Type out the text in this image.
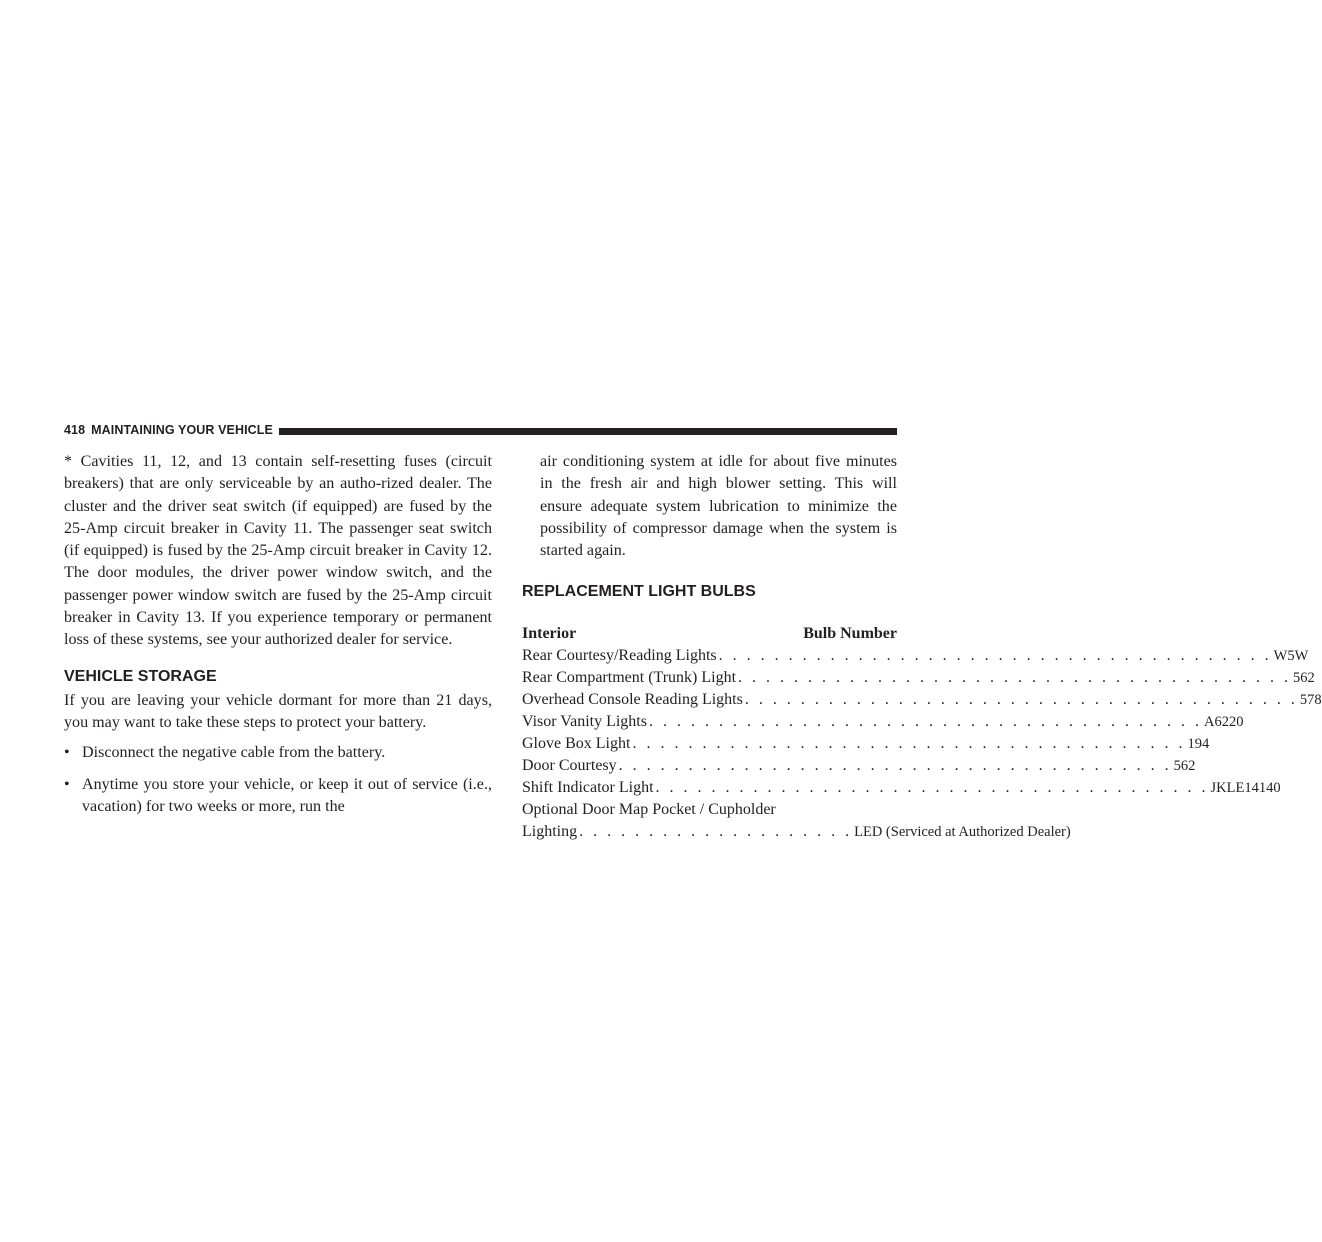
418 MAINTAINING YOUR VEHICLE

* Cavities 11, 12, and 13 contain self-resetting fuses (circuit breakers) that are only serviceable by an autho-rized dealer. The cluster and the driver seat switch (if equipped) are fused by the 25-Amp circuit breaker in Cavity 11. The passenger seat switch (if equipped) is fused by the 25-Amp circuit breaker in Cavity 12. The door modules, the driver power window switch, and the passenger power window switch are fused by the 25-Amp circuit breaker in Cavity 13. If you experience temporary or permanent loss of these systems, see your authorized dealer for service.

VEHICLE STORAGE

If you are leaving your vehicle dormant for more than 21 days, you may want to take these steps to protect your battery.

• Disconnect the negative cable from the battery.

• Anytime you store your vehicle, or keep it out of service (i.e., vacation) for two weeks or more, run the

air conditioning system at idle for about five minutes in the fresh air and high blower setting. This will ensure adequate system lubrication to minimize the possibility of compressor damage when the system is started again.

REPLACEMENT LIGHT BULBS
Interior	Bulb Number
Rear Courtesy/Reading Lights . . . . . . . . . . . . . . . . . . . . . . . . . . . . . . . . . . . . . . . . W5W
Rear Compartment (Trunk) Light . . . . . . . . . . . . . . . . . . . . . . . . . . . . . . . . . . . . . . . . 562
Overhead Console Reading Lights . . . . . . . . . . . . . . . . . . . . . . . . . . . . . . . . . . . . . . . . 578
Visor Vanity Lights . . . . . . . . . . . . . . . . . . . . . . . . . . . . . . . . . . . . . . . . A6220
Glove Box Light . . . . . . . . . . . . . . . . . . . . . . . . . . . . . . . . . . . . . . . . 194
Door Courtesy . . . . . . . . . . . . . . . . . . . . . . . . . . . . . . . . . . . . . . . . 562
Shift Indicator Light . . . . . . . . . . . . . . . . . . . . . . . . . . . . . . . . . . . . . . . . JKLE14140
Optional Door Map Pocket / Cupholder
Lighting . . . . . . . . . . . . . . . . . . . . LED (Serviced at Authorized Dealer)
